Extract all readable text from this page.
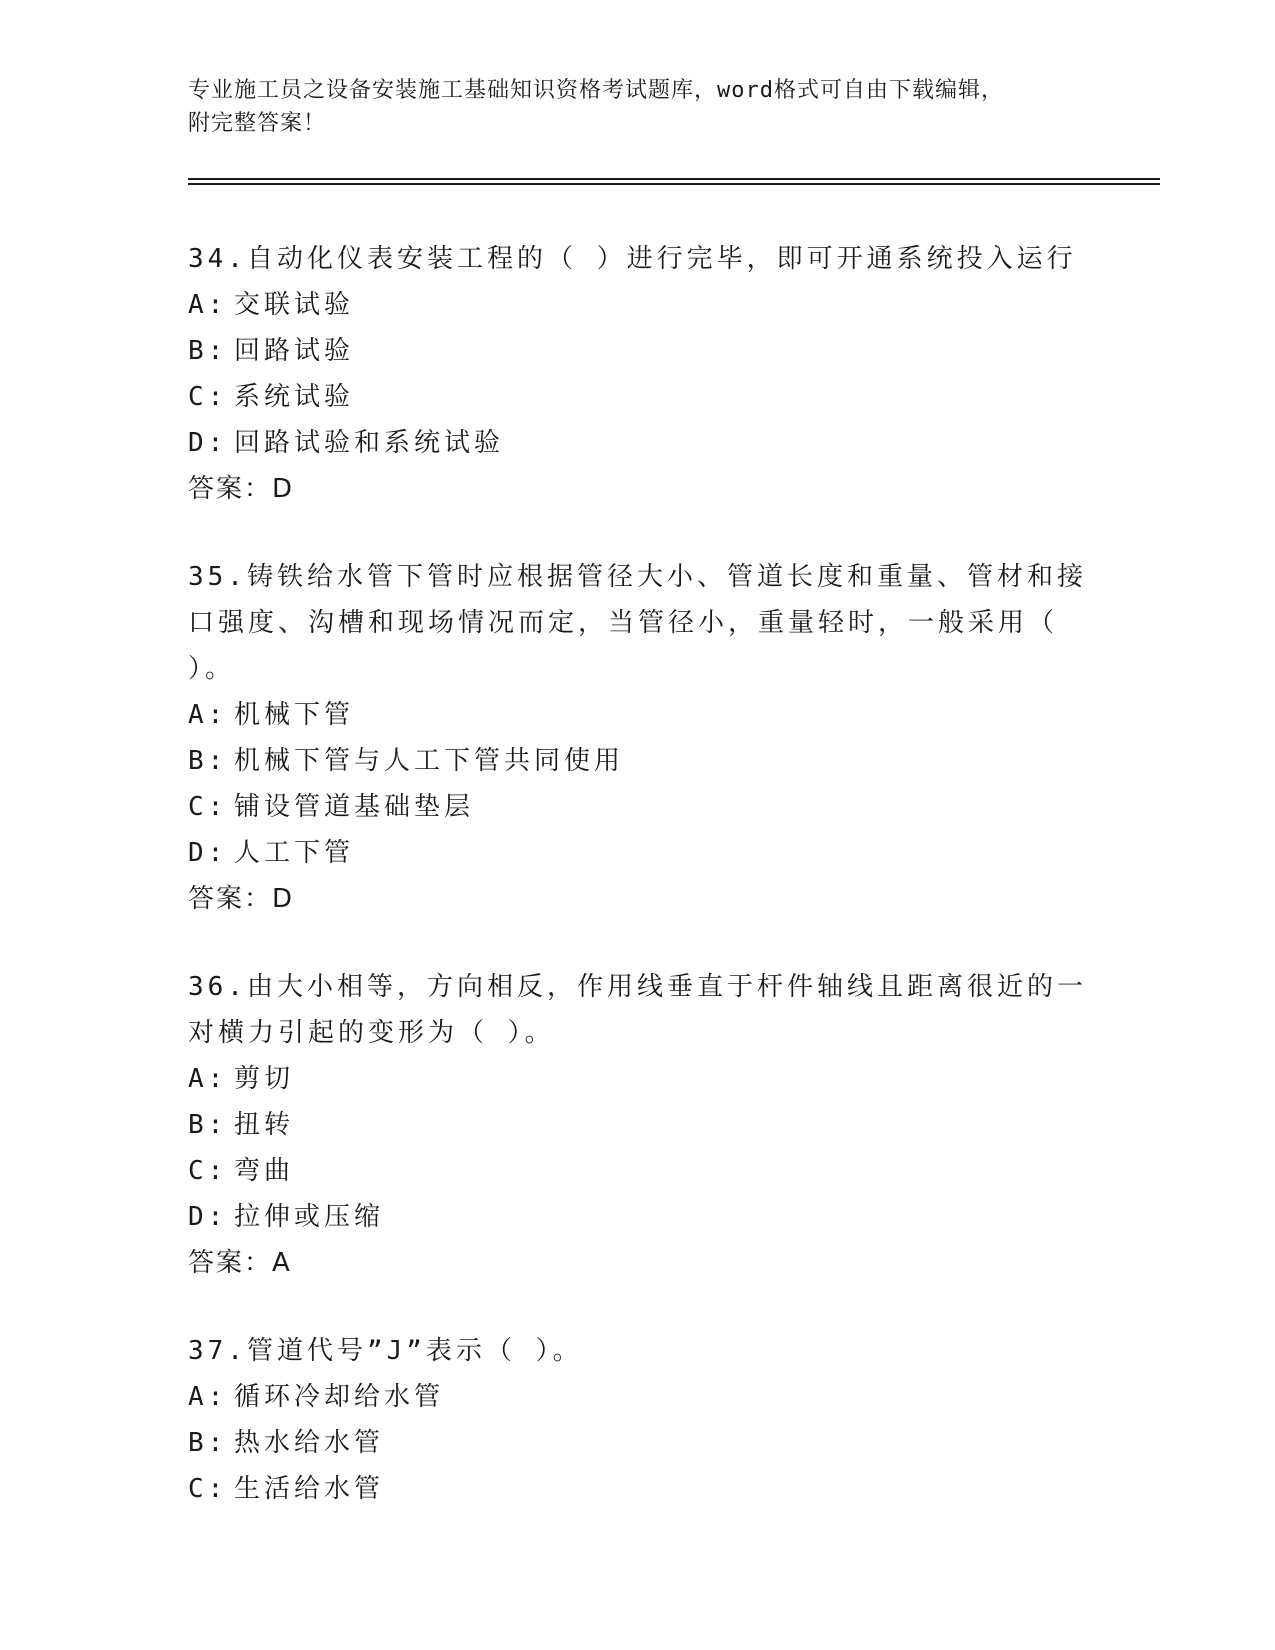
专业施工员之设备安装施工基础知识资格考试题库，word格式可自由下载编辑，
附完整答案！
34.自动化仪表安装工程的（ ）进行完毕，即可开通系统投入运行
A: 交联试验
B: 回路试验
C: 系统试验
D: 回路试验和系统试验
答案：D
35.铸铁给水管下管时应根据管径大小、管道长度和重量、管材和接口强度、沟槽和现场情况而定，当管径小，重量轻时，一般采用（ ）。
A: 机械下管
B: 机械下管与人工下管共同使用
C: 铺设管道基础垫层
D: 人工下管
答案：D
36.由大小相等，方向相反，作用线垂直于杆件轴线且距离很近的一对横力引起的变形为（ ）。
A: 剪切
B: 扭转
C: 弯曲
D: 拉伸或压缩
答案：A
37.管道代号”J”表示（ ）。
A: 循环冷却给水管
B: 热水给水管
C: 生活给水管
